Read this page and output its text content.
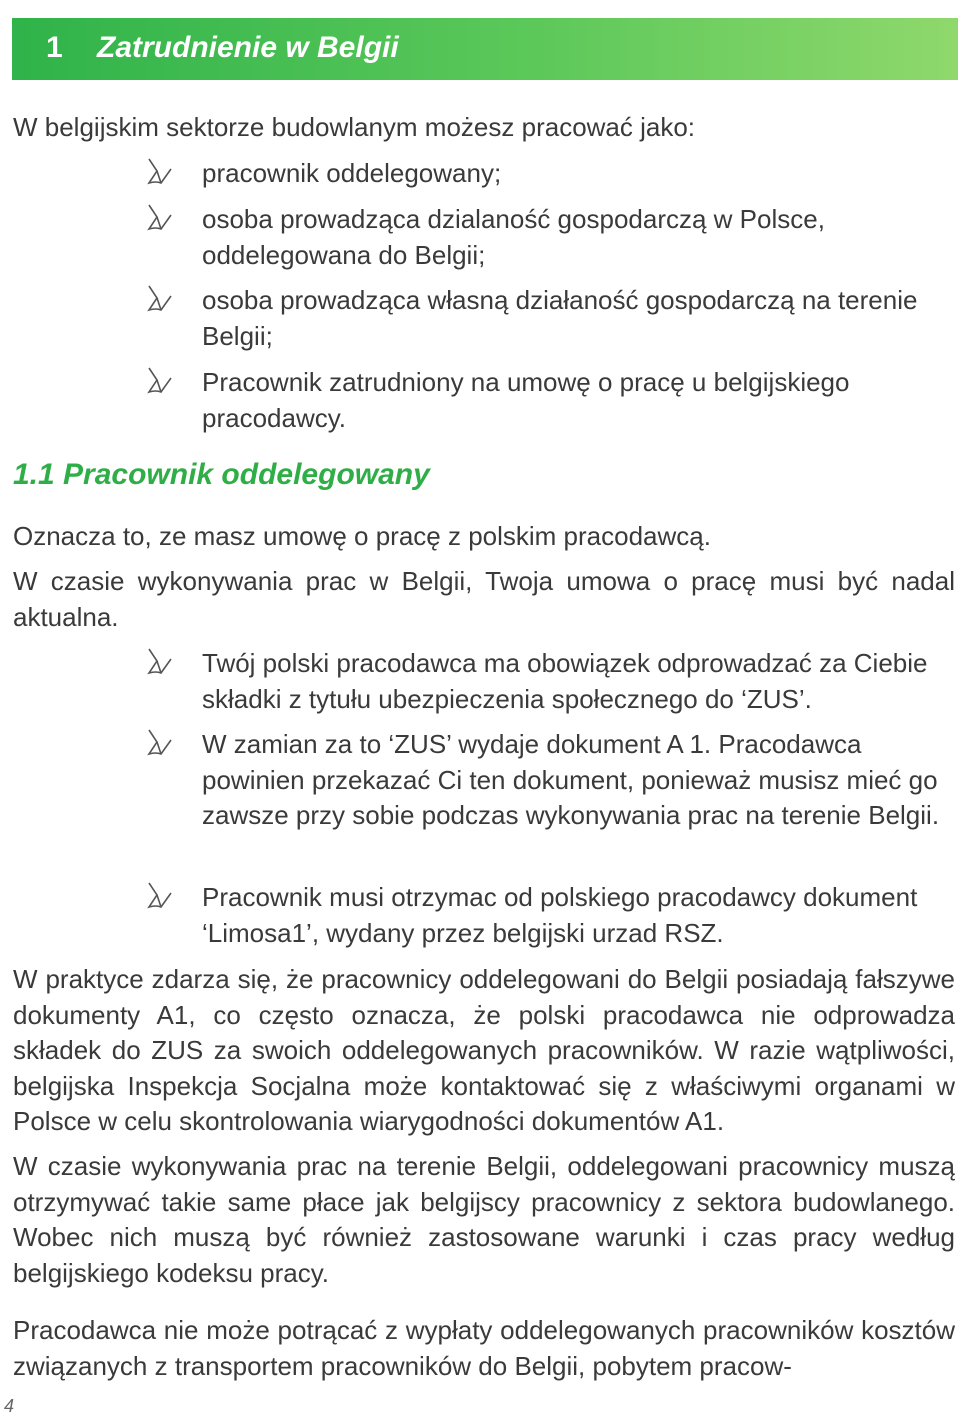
1 Zatrudnienie w Belgii

W belgijskim sektorze budowlanym możesz pracować jako:

pracownik oddelegowany;
osoba prowadząca dzialaność gospodarczą w Polsce, oddelegowana do Belgii;
osoba prowadząca własną działaność gospodarczą na terenie Belgii;
Pracownik zatrudniony na umowę o pracę u belgijskiego pracodawcy.
1.1 Pracownik oddelegowany

Oznacza to, ze masz umowę o pracę z polskim pracodawcą.

W czasie wykonywania prac w Belgii, Twoja umowa o pracę musi być nadal aktualna.

Twój polski pracodawca ma obowiązek odprowadzać za Ciebie składki z tytułu ubezpieczenia społecznego do ‘ZUS’.
W zamian za to ‘ZUS’ wydaje dokument A 1. Pracodawca powinien przekazać Ci ten dokument, ponieważ musisz mieć go zawsze przy sobie podczas wykonywania prac na terenie Belgii.
Pracownik musi otrzymac od polskiego pracodawcy dokument ‘Limosa1’, wydany przez belgijski urzad RSZ.

W praktyce zdarza się, że pracownicy oddelegowani do Belgii posiadają fałszywe dokumenty A1, co często oznacza, że polski pracodawca nie odprowadza składek do ZUS za swoich oddelegowanych pracowników. W razie wątpliwości, belgijska Inspekcja Socjalna może kontaktować się z właściwymi organami w Polsce w celu skontrolowania wiarygodności dokumentów A1.

W czasie wykonywania prac na terenie Belgii, oddelegowani pracownicy muszą otrzymywać takie same płace jak belgijscy pracownicy z sektora budowlanego. Wobec nich muszą być również zastosowane warunki i czas pracy według belgijskiego kodeksu pracy.

Pracodawca nie może potrącać z wypłaty oddelegowanych pracowników kosztów związanych z transportem pracowników do Belgii, pobytem pracow-

4
